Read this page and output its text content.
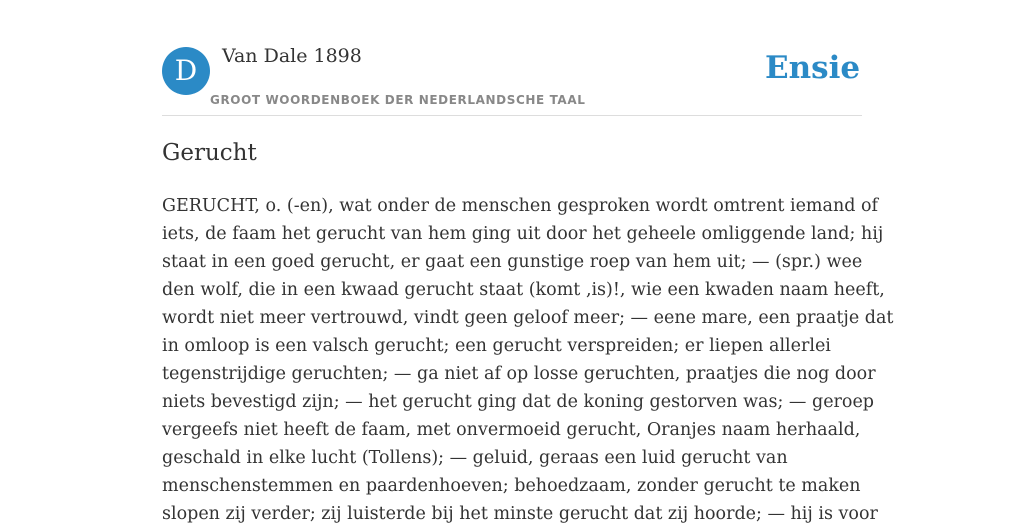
D	Van Dale 1898
GROOT WOORDENBOEK DER NEDERLANDSCHE TAAL
Ensie
Gerucht
GERUCHT, o. (-en), wat onder de menschen gesproken wordt omtrent iemand of
iets, de faam het gerucht van hem ging uit door het geheele omliggende land; hij
staat in een goed gerucht, er gaat een gunstige roep van hem uit; — (spr.) wee
den wolf, die in een kwaad gerucht staat (komt ‚is)!, wie een kwaden naam heeft,
wordt niet meer vertrouwd, vindt geen geloof meer; — eene mare, een praatje dat
in omloop is een valsch gerucht; een gerucht verspreiden; er liepen allerlei
tegenstrijdige geruchten; — ga niet af op losse geruchten, praatjes die nog door
niets bevestigd zijn; — het gerucht ging dat de koning gestorven was; — geroep
vergeefs niet heeft de faam, met onvermoeid gerucht, Oranjes naam herhaald,
geschald in elke lucht (Tollens); — geluid, geraas een luid gerucht van
menschenstemmen en paardenhoeven; behoedzaam, zonder gerucht te maken
slopen zij verder; zij luisterde bij het minste gerucht dat zij hoorde; — hij is voor
